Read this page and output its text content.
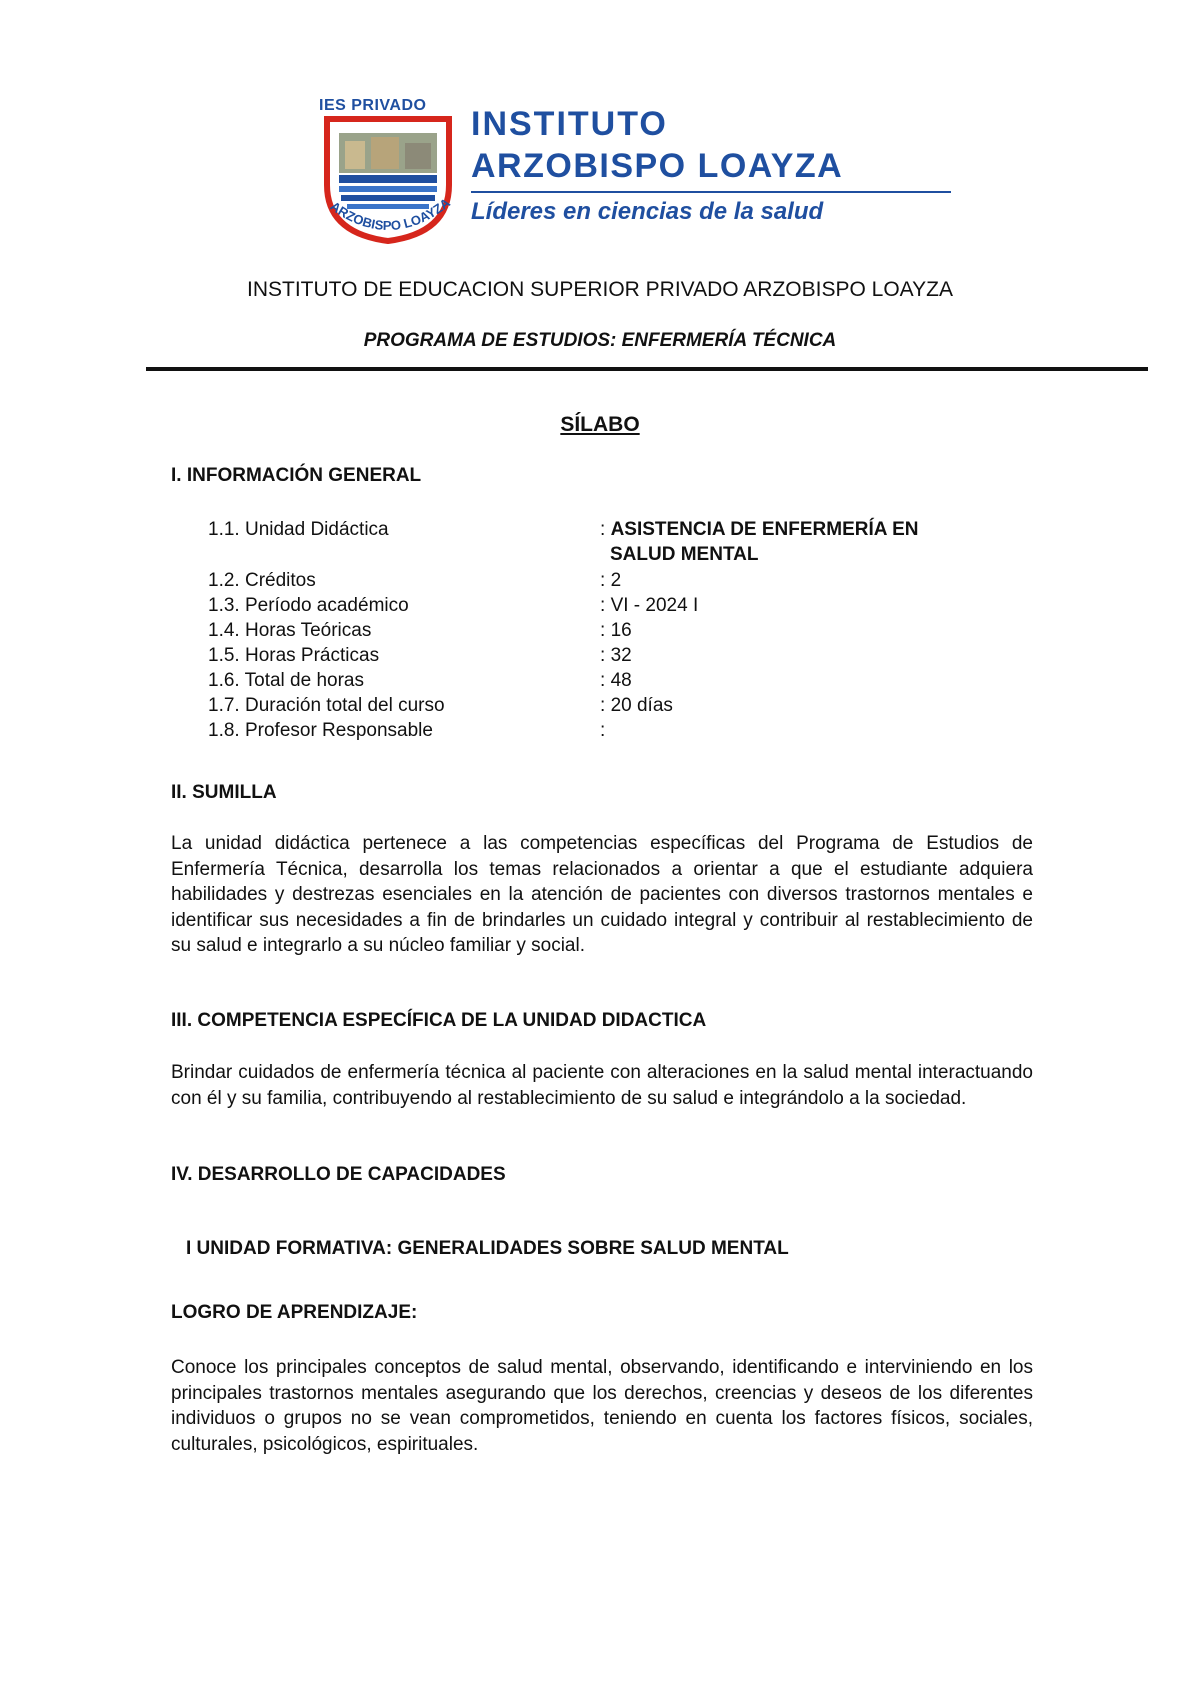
IES PRIVADO
ARZOBISPO LOAYZA
INSTITUTO
ARZOBISPO LOAYZA
Líderes en ciencias de la salud
INSTITUTO DE EDUCACION SUPERIOR PRIVADO ARZOBISPO LOAYZA
PROGRAMA DE ESTUDIOS: ENFERMERÍA TÉCNICA
SÍLABO
I. INFORMACIÓN GENERAL
1.1. Unidad Didáctica	: ASISTENCIA DE ENFERMERÍA EN
SALUD MENTAL
1.2. Créditos	: 2
1.3. Período académico	: VI - 2024 I
1.4. Horas Teóricas	: 16
1.5. Horas Prácticas	: 32
1.6. Total de horas	: 48
1.7. Duración total del curso	: 20 días
1.8. Profesor Responsable	:
II. SUMILLA
La unidad didáctica pertenece a las competencias específicas del Programa de Estudios de Enfermería Técnica, desarrolla los temas relacionados a orientar a que el estudiante adquiera habilidades y destrezas esenciales en la atención de pacientes con diversos trastornos mentales e identificar sus necesidades a fin de brindarles un cuidado integral y contribuir al restablecimiento de su salud e integrarlo a su núcleo familiar y social.
III. COMPETENCIA ESPECÍFICA DE LA UNIDAD DIDACTICA
Brindar cuidados de enfermería técnica al paciente con alteraciones en la salud mental interactuando con él y su familia, contribuyendo al restablecimiento de su salud e integrándolo a la sociedad.
IV. DESARROLLO DE CAPACIDADES
I UNIDAD FORMATIVA: GENERALIDADES SOBRE SALUD MENTAL
LOGRO DE APRENDIZAJE:
Conoce los principales conceptos de salud mental, observando, identificando e interviniendo en los principales trastornos mentales asegurando que los derechos, creencias y deseos de los diferentes individuos o grupos no se vean comprometidos, teniendo en cuenta los factores físicos, sociales, culturales, psicológicos, espirituales.
